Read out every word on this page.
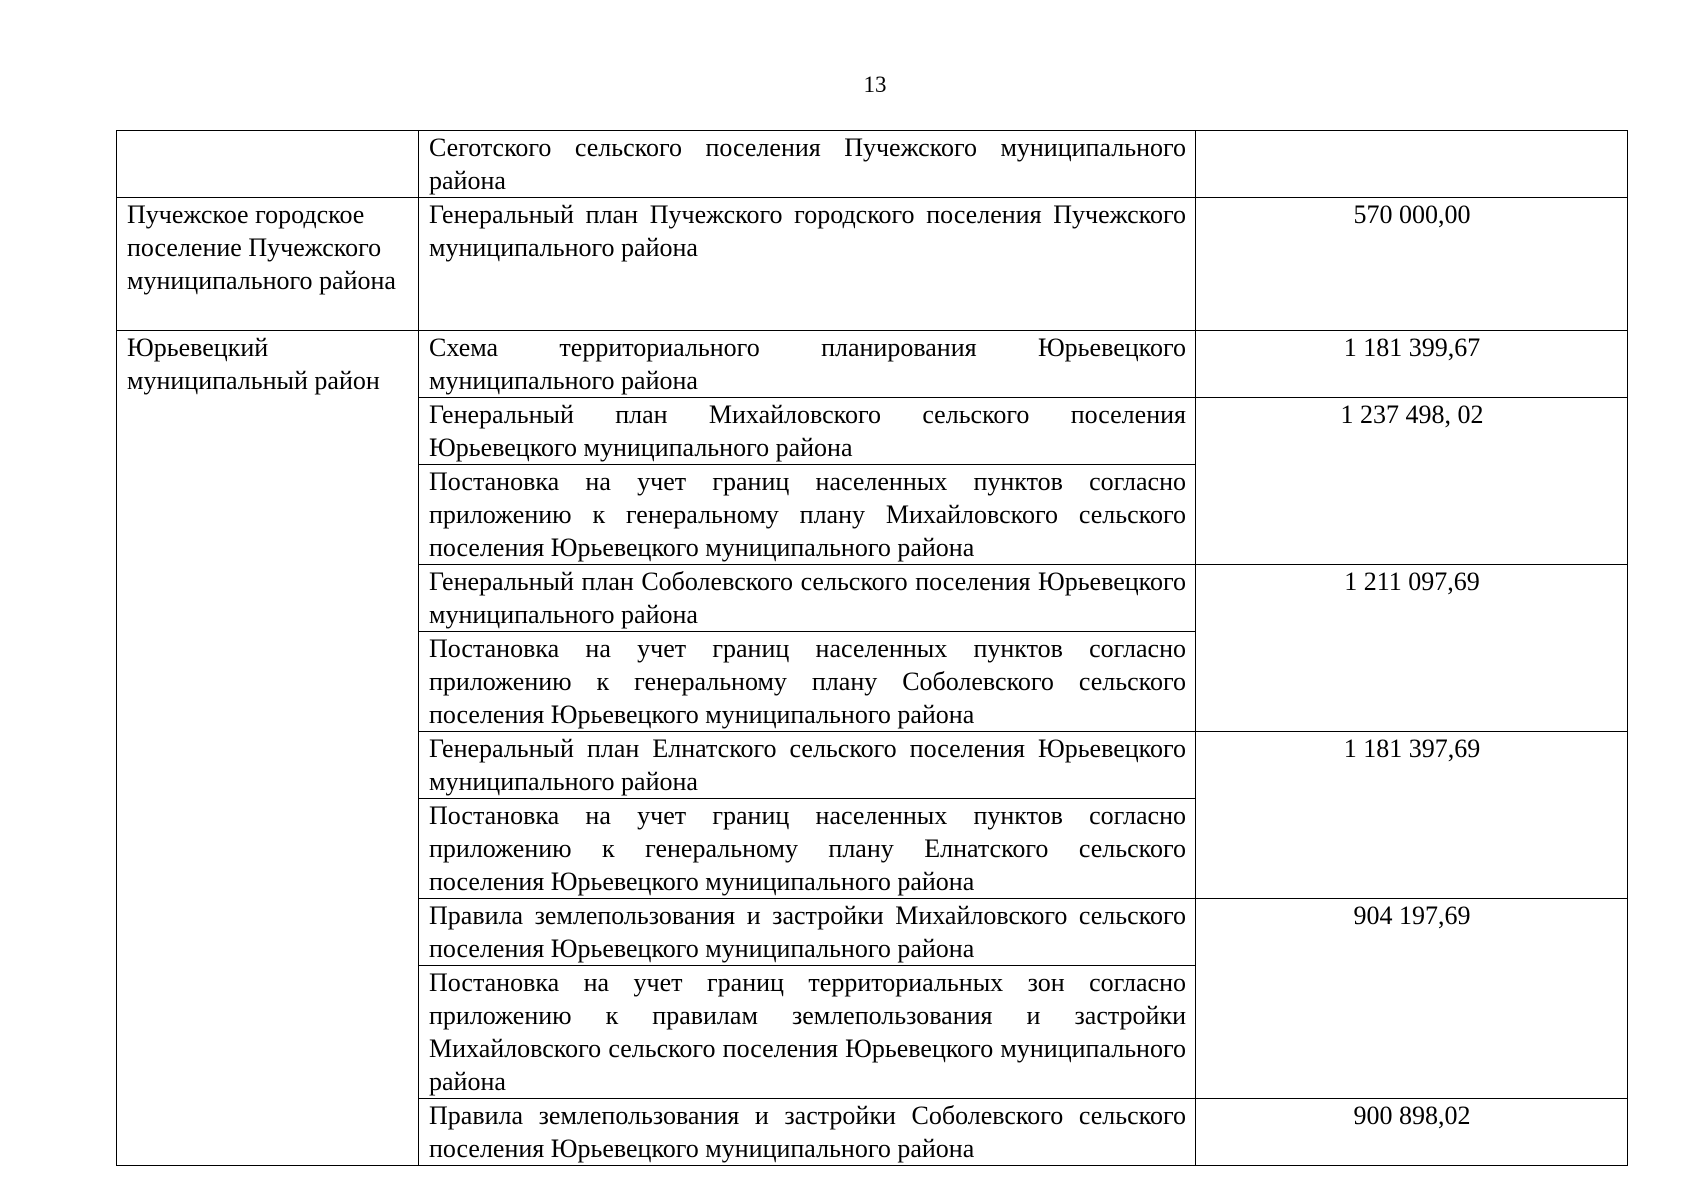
13

	Сеготского сельского поселения Пучежского муниципального района	

Пучежское городское поселение Пучежского муниципального района	Генеральный план Пучежского городского поселения Пучежского муниципального района	570 000,00
Юрьевецкий муниципальный район	Схема территориального планирования Юрьевецкого муниципального района	1 181 399,67

	Генеральный план Михайловского сельского поселения Юрьевецкого муниципального района	1 237 498, 02

	Постановка на учет границ населенных пунктов согласно приложению к генеральному плану Михайловского сельского поселения Юрьевецкого муниципального района	

	Генеральный план Соболевского сельского поселения Юрьевецкого муниципального района	1 211 097,69

	Постановка на учет границ населенных пунктов согласно приложению к генеральному плану Соболевского сельского поселения Юрьевецкого муниципального района	

	Генеральный план Елнатского сельского поселения Юрьевецкого муниципального района	1 181 397,69

	Постановка на учет границ населенных пунктов согласно приложению к генеральному плану Елнатского сельского поселения Юрьевецкого муниципального района	

	Правила землепользования и застройки Михайловского сельского поселения Юрьевецкого муниципального района	904 197,69

	Постановка на учет границ территориальных зон согласно приложению к правилам землепользования и застройки Михайловского сельского поселения Юрьевецкого муниципального района	

	Правила землепользования и застройки Соболевского сельского поселения Юрьевецкого муниципального района	900 898,02
